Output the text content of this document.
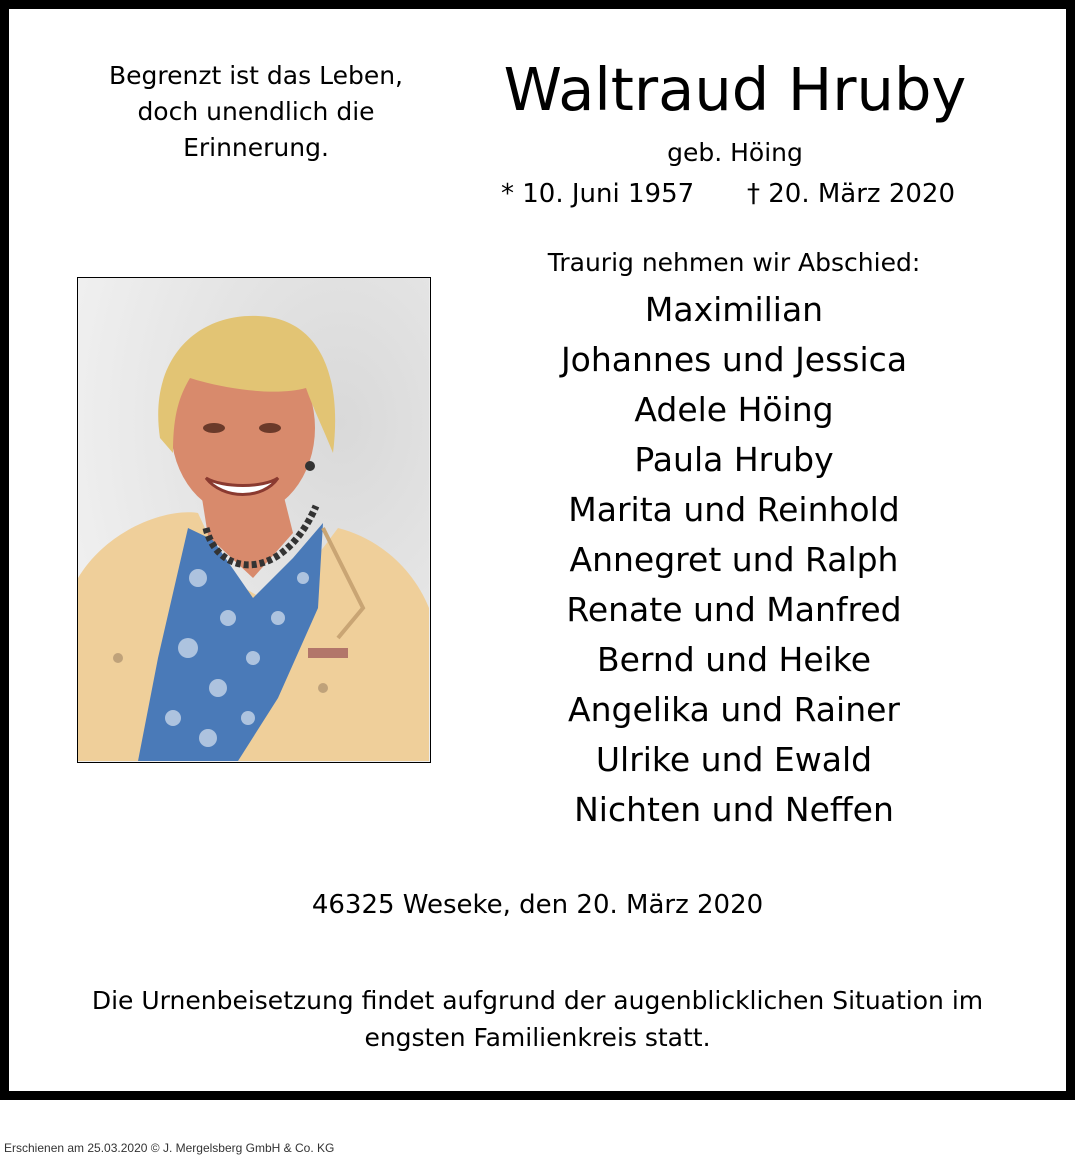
Begrenzt ist das Leben,
doch unendlich die
Erinnerung.
Waltraud Hruby
geb. Höing
* 10. Juni 1957 † 20. März 2020
Traurig nehmen wir Abschied:
Maximilian
Johannes und Jessica
Adele Höing
Paula Hruby
Marita und Reinhold
Annegret und Ralph
Renate und Manfred
Bernd und Heike
Angelika und Rainer
Ulrike und Ewald
Nichten und Neffen
46325 Weseke, den 20. März 2020
Die Urnenbeisetzung findet aufgrund der augenblicklichen Situation im
engsten Familienkreis statt.
Erschienen am 25.03.2020 © J. Mergelsberg GmbH & Co. KG
